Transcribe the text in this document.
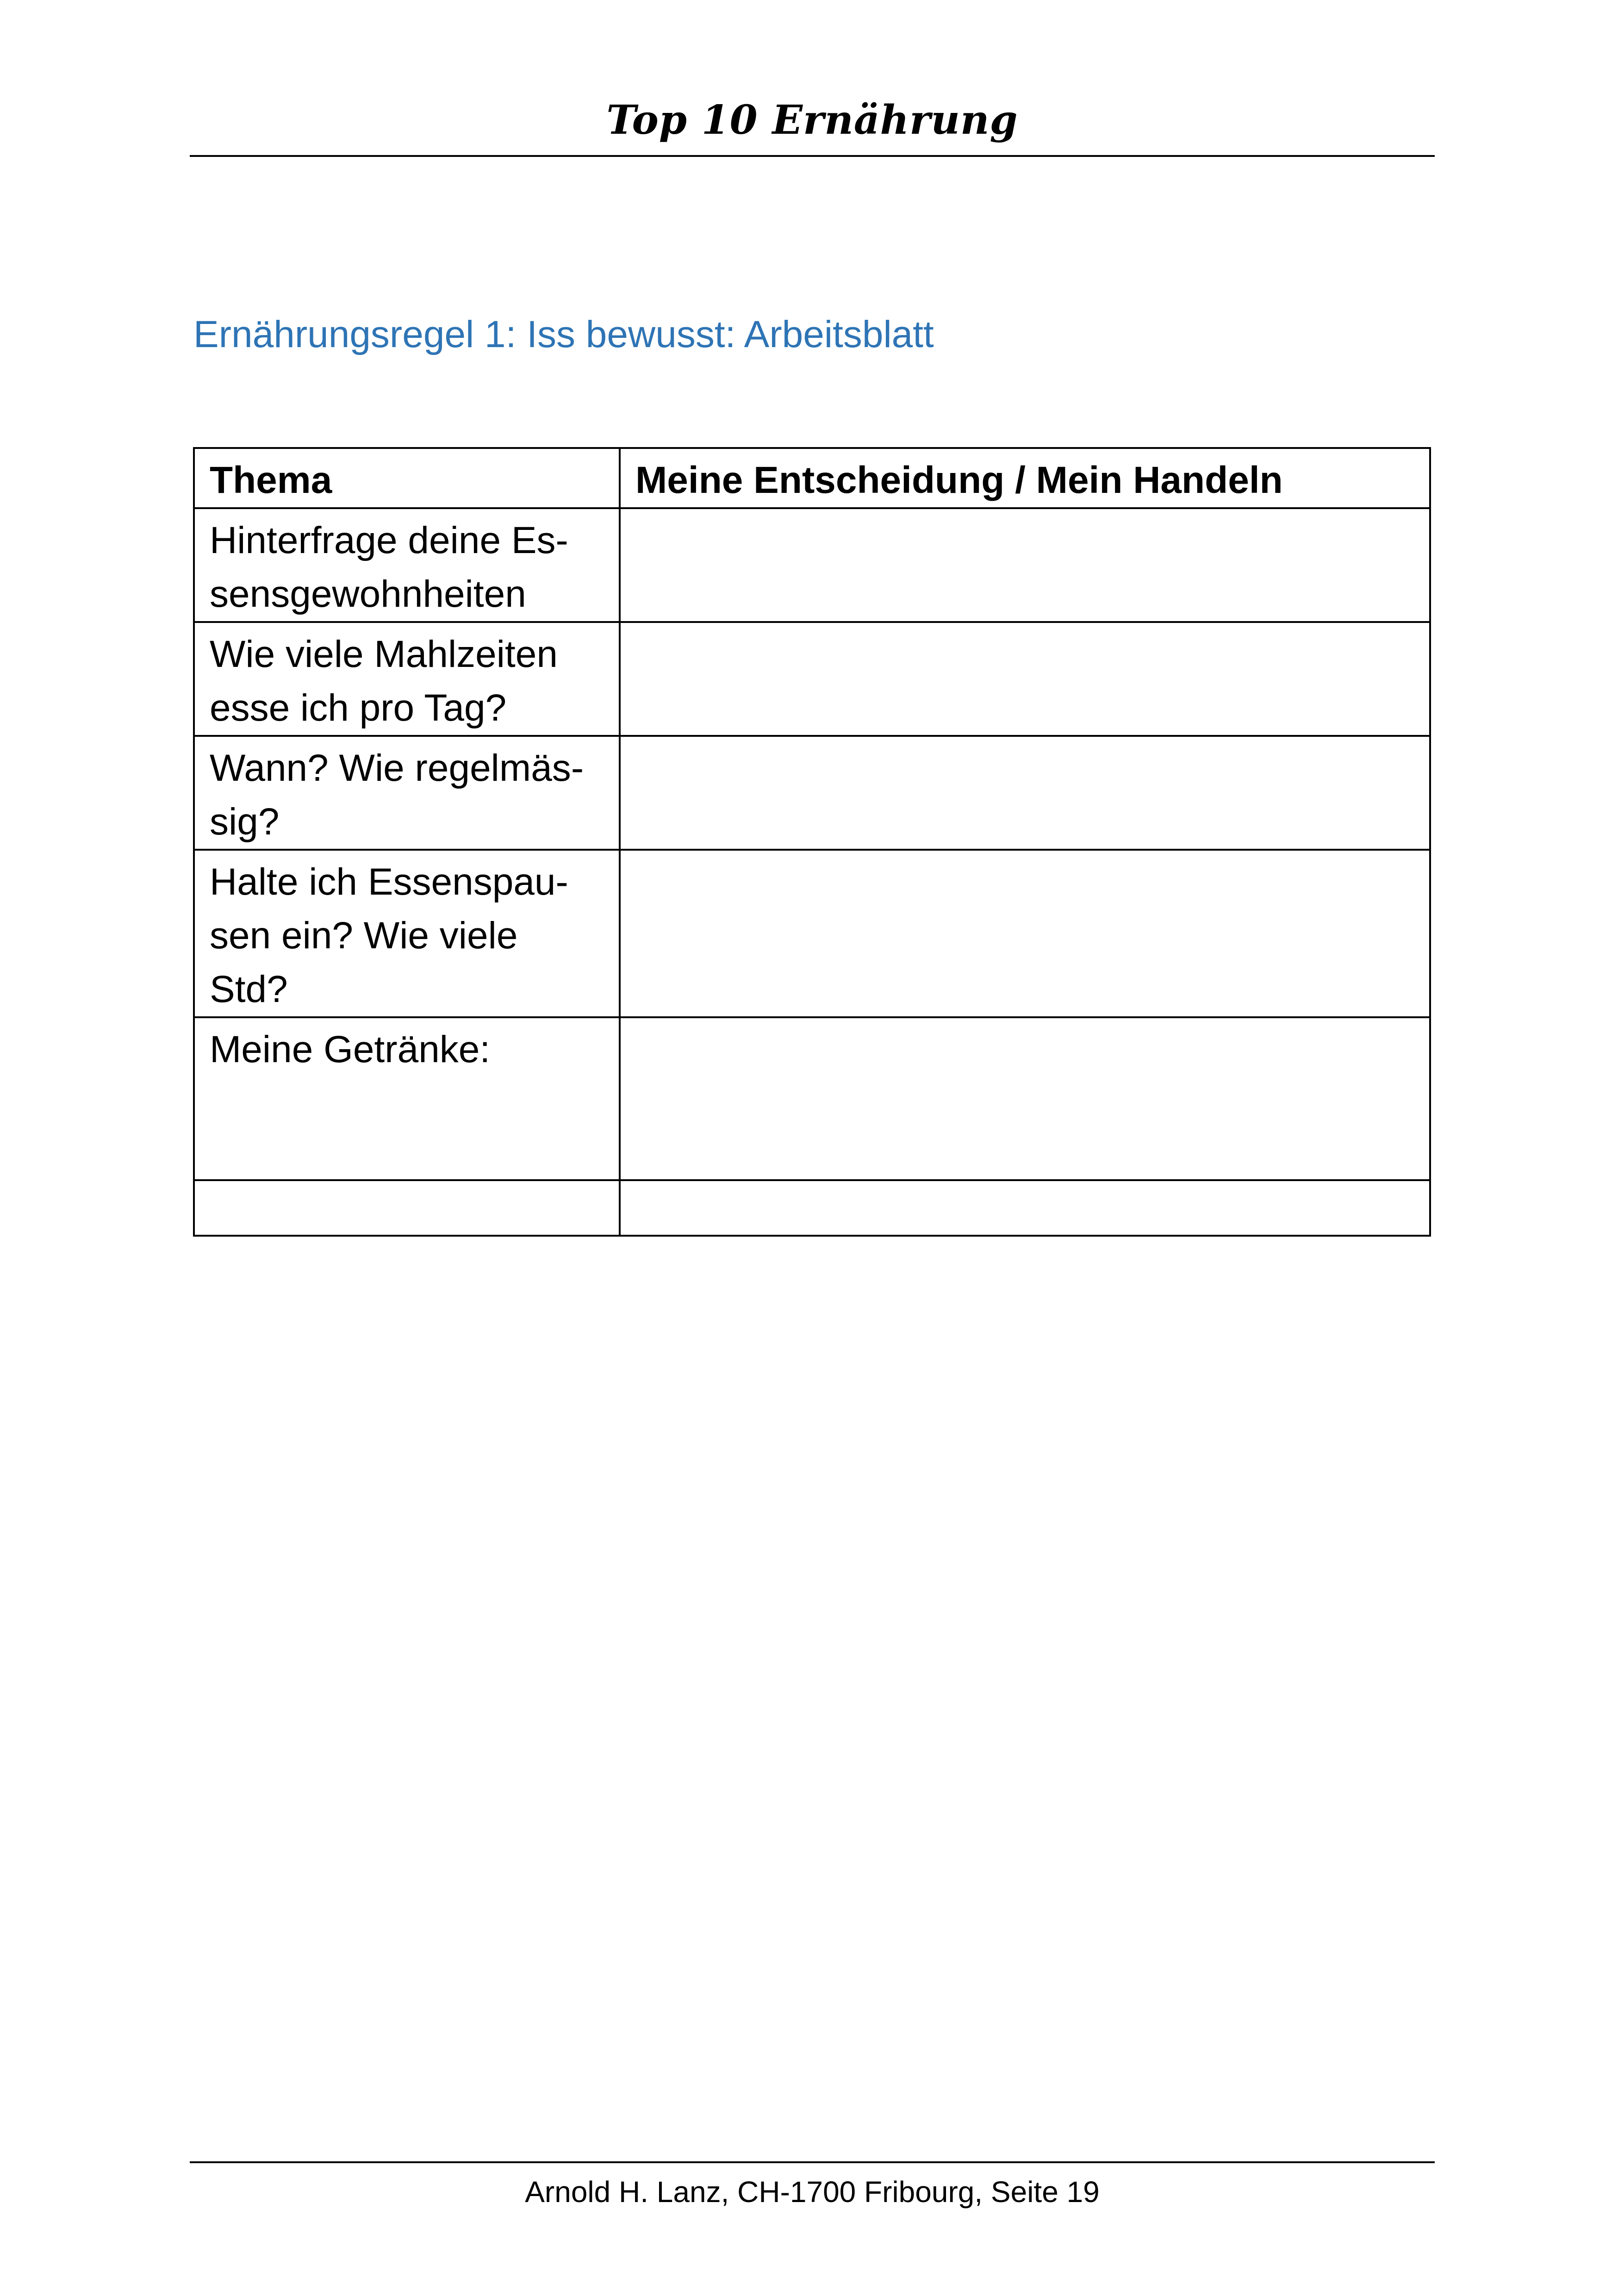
Top 10 Ernährung
Ernährungsregel 1: Iss bewusst: Arbeitsblatt
Thema	Meine Entscheidung / Mein Handeln
Hinterfrage deine Essensgewohnheiten	
Wie viele Mahlzeiten esse ich pro Tag?	
Wann? Wie regelmässig?	
Halte ich Essenspausen ein? Wie viele Std?	
Meine Getränke:	

Arnold H. Lanz, CH-1700 Fribourg, Seite 19
